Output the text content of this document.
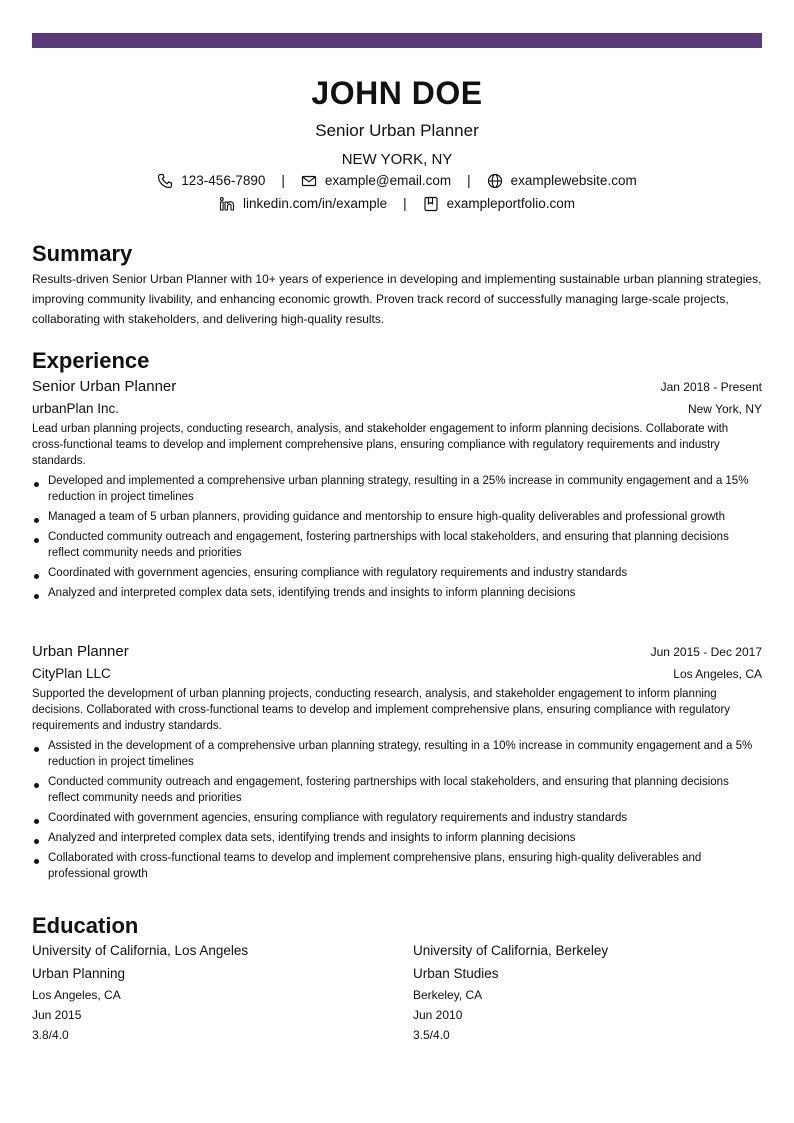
JOHN DOE
Senior Urban Planner
NEW YORK, NY
123-456-7890 |	example@email.com |	examplewebsite.com
linkedin.com/in/example |	exampleportfolio.com
Summary
Results-driven Senior Urban Planner with 10+ years of experience in developing and implementing sustainable urban planning strategies, improving community livability, and enhancing economic growth. Proven track record of successfully managing large-scale projects, collaborating with stakeholders, and delivering high-quality results.
Experience
Senior Urban Planner	Jan 2018 - Present
urbanPlan Inc.	New York, NY
Lead urban planning projects, conducting research, analysis, and stakeholder engagement to inform planning decisions. Collaborate with cross-functional teams to develop and implement comprehensive plans, ensuring compliance with regulatory requirements and industry standards.
Developed and implemented a comprehensive urban planning strategy, resulting in a 25% increase in community engagement and a 15% reduction in project timelines
Managed a team of 5 urban planners, providing guidance and mentorship to ensure high-quality deliverables and professional growth
Conducted community outreach and engagement, fostering partnerships with local stakeholders, and ensuring that planning decisions reflect community needs and priorities
Coordinated with government agencies, ensuring compliance with regulatory requirements and industry standards
Analyzed and interpreted complex data sets, identifying trends and insights to inform planning decisions
Urban Planner	Jun 2015 - Dec 2017
CityPlan LLC	Los Angeles, CA
Supported the development of urban planning projects, conducting research, analysis, and stakeholder engagement to inform planning decisions. Collaborated with cross-functional teams to develop and implement comprehensive plans, ensuring compliance with regulatory requirements and industry standards.
Assisted in the development of a comprehensive urban planning strategy, resulting in a 10% increase in community engagement and a 5% reduction in project timelines
Conducted community outreach and engagement, fostering partnerships with local stakeholders, and ensuring that planning decisions reflect community needs and priorities
Coordinated with government agencies, ensuring compliance with regulatory requirements and industry standards
Analyzed and interpreted complex data sets, identifying trends and insights to inform planning decisions
Collaborated with cross-functional teams to develop and implement comprehensive plans, ensuring high-quality deliverables and professional growth
Education
University of California, Los Angeles
Urban Planning
Los Angeles, CA
Jun 2015
3.8/4.0
University of California, Berkeley
Urban Studies
Berkeley, CA
Jun 2010
3.5/4.0
